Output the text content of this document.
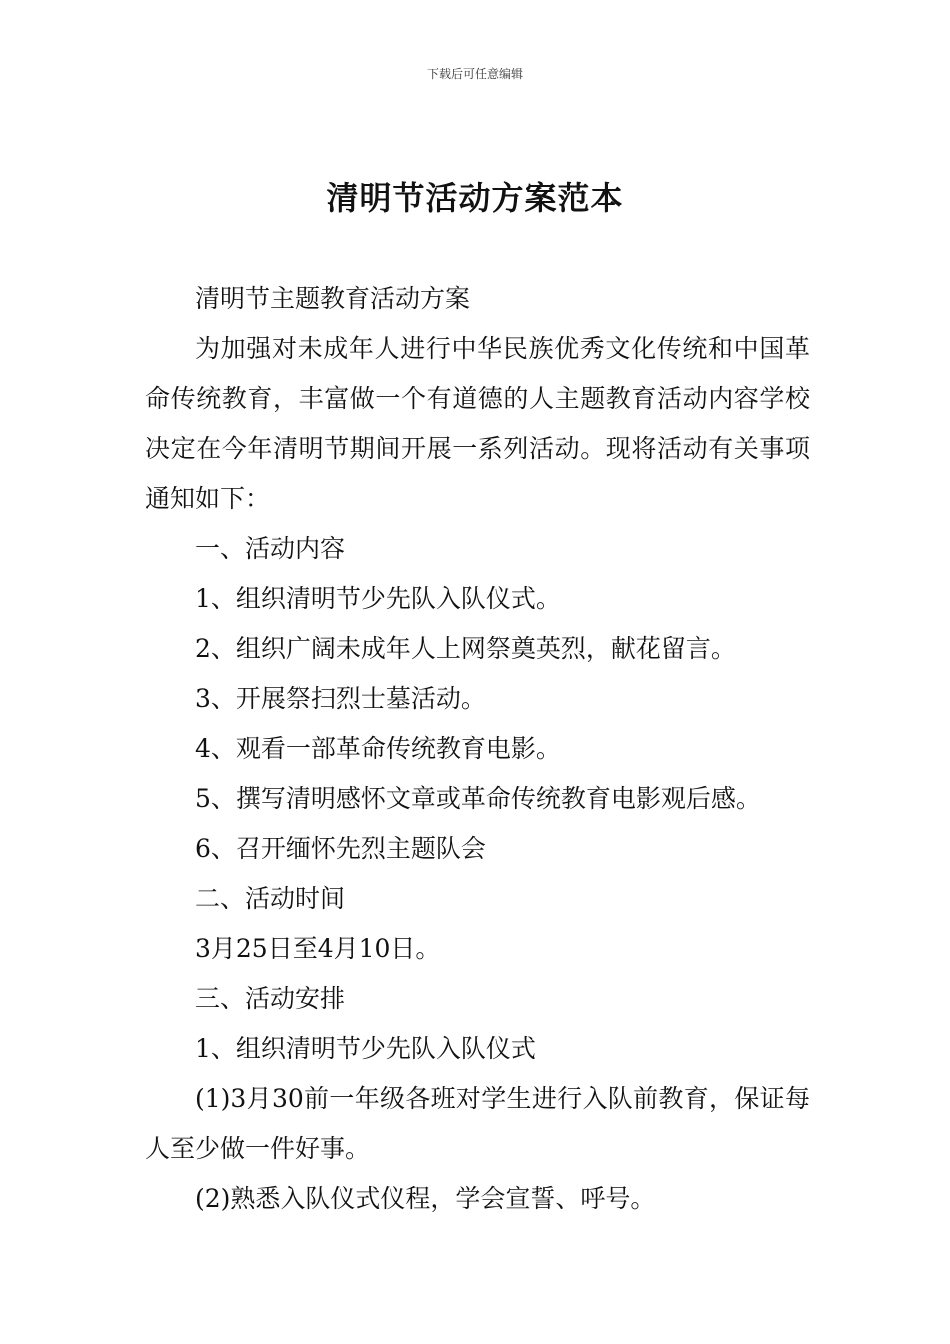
下载后可任意编辑
清明节活动方案范本

清明节主题教育活动方案

为加强对未成年人进行中华民族优秀文化传统和中国革命传统教育，丰富做一个有道德的人主题教育活动内容学校决定在今年清明节期间开展一系列活动。现将活动有关事项通知如下：

一、活动内容

1、组织清明节少先队入队仪式。

2、组织广阔未成年人上网祭奠英烈，献花留言。

3、开展祭扫烈士墓活动。

4、观看一部革命传统教育电影。

5、撰写清明感怀文章或革命传统教育电影观后感。

6、召开缅怀先烈主题队会

二、活动时间

3月25日至4月10日。

三、活动安排

1、组织清明节少先队入队仪式

(1)3月30前一年级各班对学生进行入队前教育，保证每人至少做一件好事。

(2)熟悉入队仪式仪程，学会宣誓、呼号。
